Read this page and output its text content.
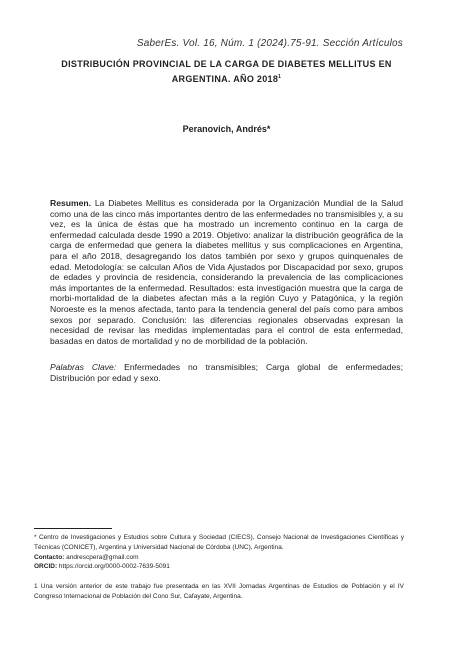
SaberEs. Vol. 16, Núm. 1 (2024).75-91. Sección Artículos
DISTRIBUCIÓN PROVINCIAL DE LA CARGA DE DIABETES MELLITUS EN ARGENTINA. AÑO 2018$^1$
Peranovich, Andrés*
Resumen. La Diabetes Mellitus es considerada por la Organización Mundial de la Salud como una de las cinco más importantes dentro de las enfermedades no transmisibles y, a su vez, es la única de éstas que ha mostrado un incremento continuo en la carga de enfermedad calculada desde 1990 a 2019. Objetivo: analizar la distribución geográfica de la carga de enfermedad que genera la diabetes mellitus y sus complicaciones en Argentina, para el año 2018, desagregando los datos también por sexo y grupos quinquenales de edad. Metodología: se calculan Años de Vida Ajustados por Discapacidad por sexo, grupos de edades y provincia de residencia, considerando la prevalencia de las complicaciones más importantes de la enfermedad. Resultados: esta investigación muestra que la carga de morbi-mortalidad de la diabetes afectan más a la región Cuyo y Patagónica, y la región Noroeste es la menos afectada, tanto para la tendencia general del país como para ambos sexos por separado. Conclusión: las diferencias regionales observadas expresan la necesidad de revisar las medidas implementadas para el control de esta enfermedad, basadas en datos de mortalidad y no de morbilidad de la población.
Palabras Clave: Enfermedades no transmisibles; Carga global de enfermedades; Distribución por edad y sexo.

* Centro de Investigaciones y Estudios sobre Cultura y Sociedad (CIECS), Consejo Nacional de Investigaciones Científicas y Técnicas (CONICET), Argentina y Universidad Nacional de Córdoba (UNC), Argentina.

Contacto: andrescpera@gmail.com

ORCID: https://orcid.org/0000-0002-7639-5091

1 Una versión anterior de este trabajo fue presentada en las XVII Jornadas Argentinas de Estudios de Población y el IV Congreso Internacional de Población del Cono Sur, Cafayate, Argentina.
